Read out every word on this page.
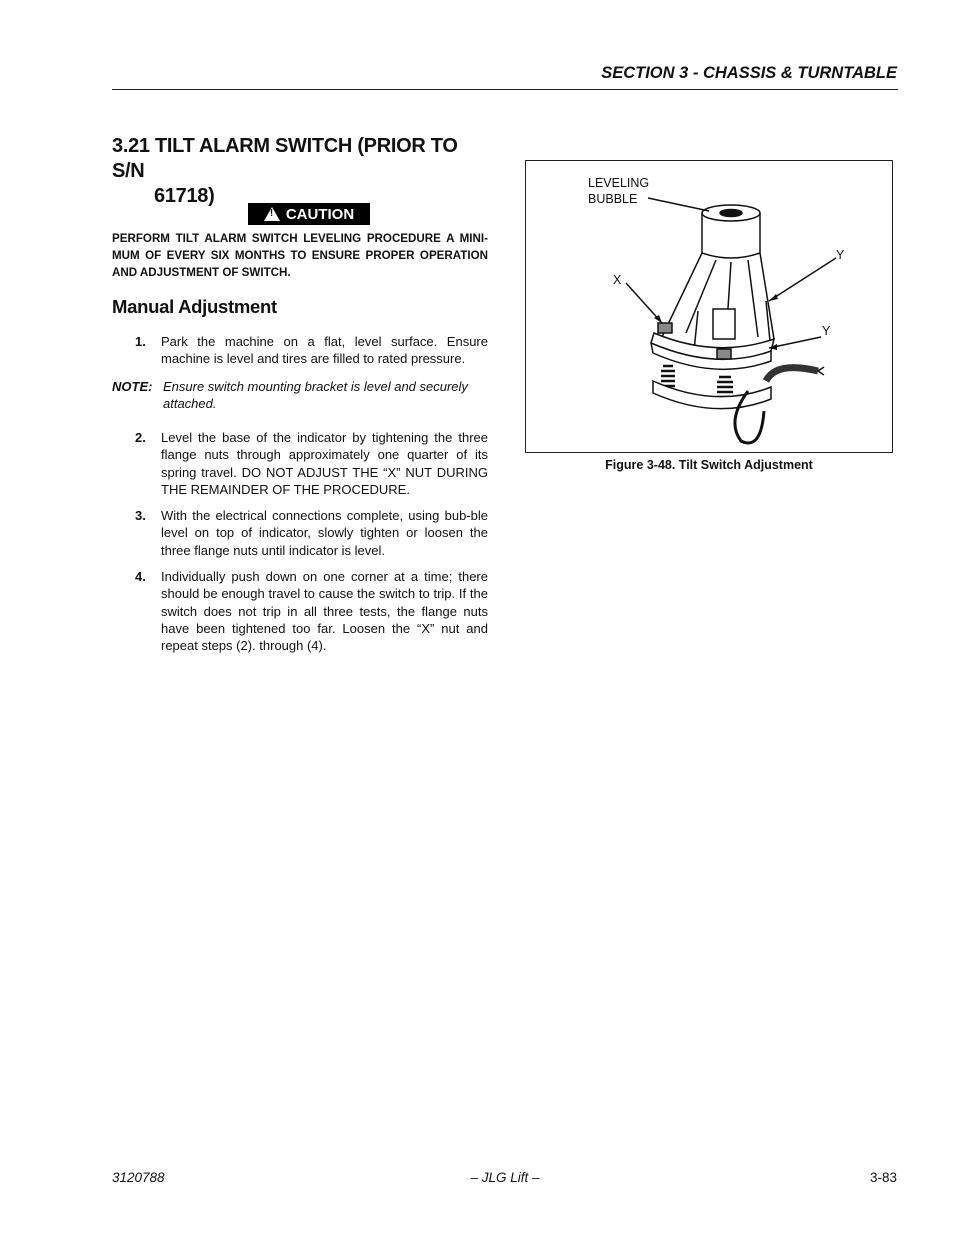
SECTION 3 - CHASSIS & TURNTABLE
3.21 TILT ALARM SWITCH (PRIOR TO S/N
61718)
! CAUTION
PERFORM TILT ALARM SWITCH LEVELING PROCEDURE A MINI-MUM OF EVERY SIX MONTHS TO ENSURE PROPER OPERATION AND ADJUSTMENT OF SWITCH.
Manual Adjustment
1. Park the machine on a flat, level surface. Ensure machine is level and tires are filled to rated pressure.
NOTE: Ensure switch mounting bracket is level and securely attached.
2. Level the base of the indicator by tightening the three flange nuts through approximately one quarter of its spring travel. DO NOT ADJUST THE “X” NUT DURING THE REMAINDER OF THE PROCEDURE.
3. With the electrical connections complete, using bub-ble level on top of indicator, slowly tighten or loosen the three flange nuts until indicator is level.
4. Individually push down on one corner at a time; there should be enough travel to cause the switch to trip. If the switch does not trip in all three tests, the flange nuts have been tightened too far. Loosen the “X” nut and repeat steps (2). through (4).
LEVELING
BUBBLE
X
Y
Y
Figure 3-48. Tilt Switch Adjustment
3120788	– JLG Lift –	3-83
